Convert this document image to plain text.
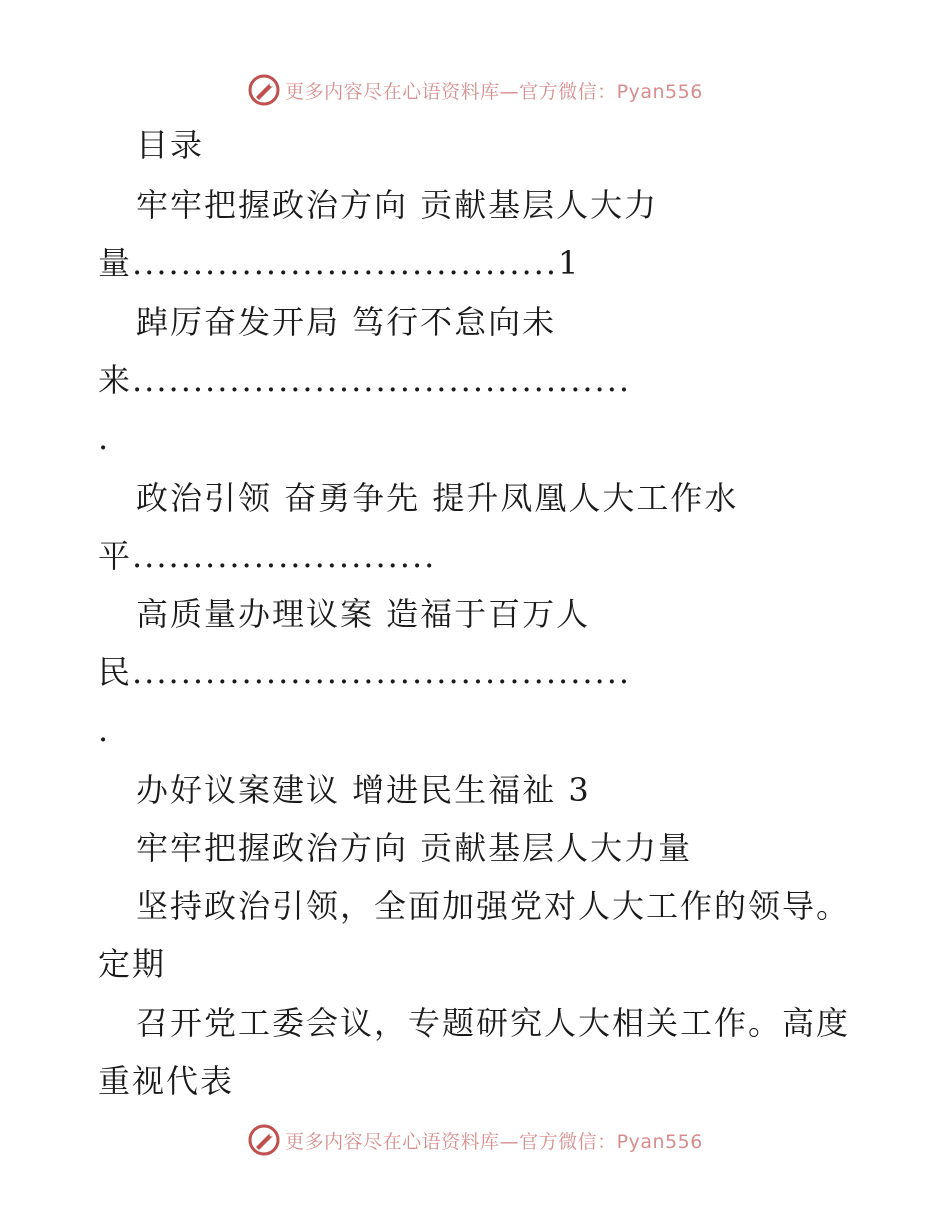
更多内容尽在心语资料库—官方微信：Pyan556
目录
牢牢把握政治方向 贡献基层人大力
量...................................1
踔厉奋发开局 笃行不怠向未
来.........................................
.
政治引领 奋勇争先 提升凤凰人大工作水
平.........................
高质量办理议案 造福于百万人
民.........................................
.
办好议案建议 增进民生福祉 3
牢牢把握政治方向 贡献基层人大力量
坚持政治引领，全面加强党对人大工作的领导。
定期
召开党工委会议，专题研究人大相关工作。高度
重视代表
更多内容尽在心语资料库—官方微信：Pyan556
